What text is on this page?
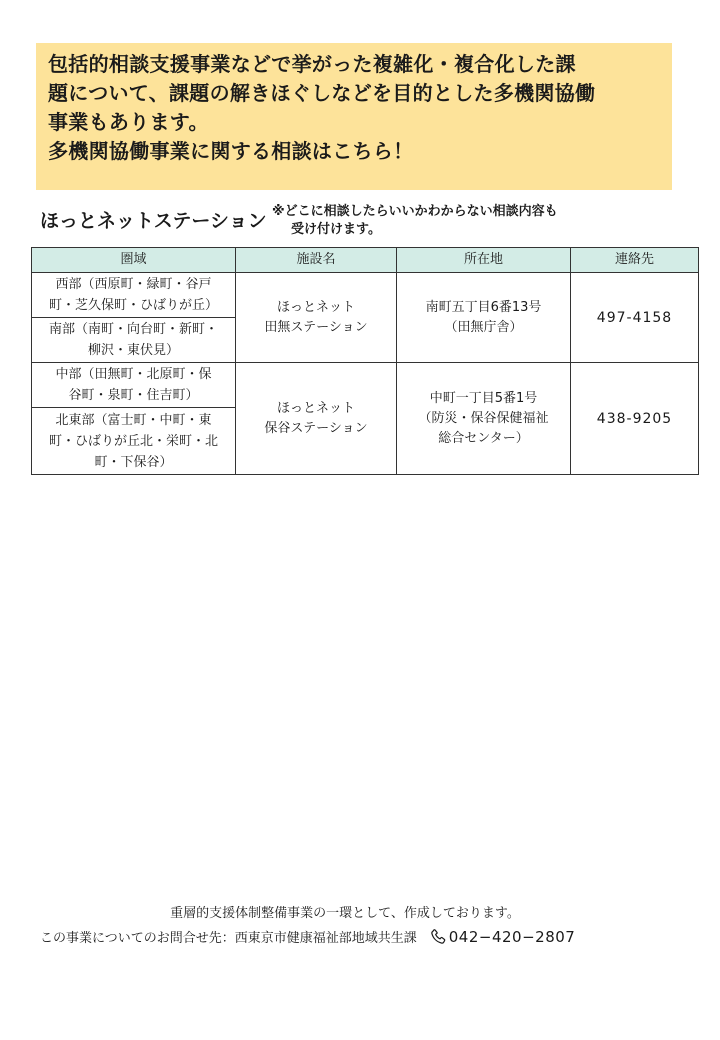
包括的相談支援事業などで挙がった複雑化・複合化した課
題について、課題の解きほぐしなどを目的とした多機関協働
事業もあります。
多機関協働事業に関する相談はこちら！
ほっとネットステーション ※どこに相談したらいいかわからない相談内容も
受け付けます。
圏域	施設名	所在地	連絡先

西部（西原町・緑町・谷戸
町・芝久保町・ひばりが丘）	ほっとネット
田無ステーション	南町五丁目6番13号
（田無庁舎）	497-4158

南部（南町・向台町・新町・
柳沢・東伏見）			

中部（田無町・北原町・保
谷町・泉町・住吉町）	ほっとネット
保谷ステーション	中町一丁目5番1号
（防災・保谷保健福祉
総合センター）	438-9205

北東部（富士町・中町・東
町・ひばりが丘北・栄町・北
町・下保谷）			
重層的支援体制整備事業の一環として、作成しております。
この事業についてのお問合せ先：西東京市健康福祉部地域共生課 042−420−2807
